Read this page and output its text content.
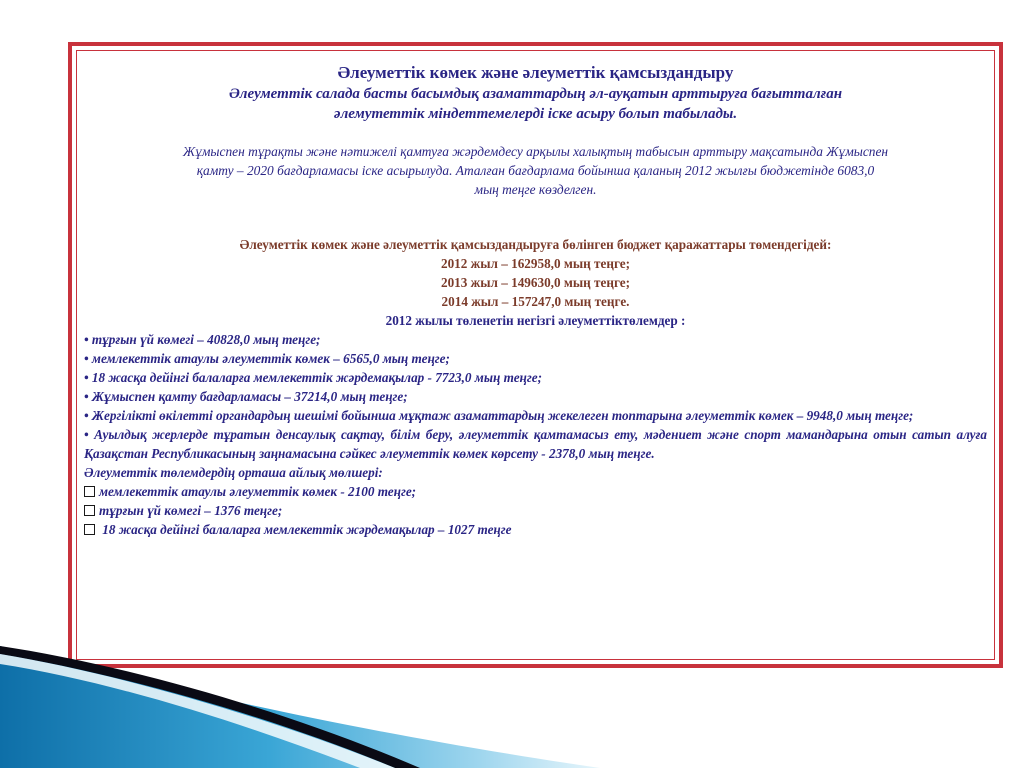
Әлеуметтік көмек және әлеуметтік қамсыздандыру
Әлеуметтік салада басты басымдық азаматтардың әл-ауқатын арттыруға бағытталған
әлемутеттік міндеттемелерді іске асыру болып табылады.
Жұмыспен тұрақты және нәтижелі қамтуға жәрдемдесу арқылы халықтың табысын арттыру мақсатында Жұмыспен
қамту – 2020 бағдарламасы іске асырылуда. Аталған бағдарлама бойынша қаланың 2012 жылғы бюджетінде 6083,0
мың теңге көзделген.
Әлеуметтік көмек және әлеуметтік қамсыздандыруға бөлінген бюджет қаражаттары төмендегідей:
2012 жыл – 162958,0 мың теңге;
2013 жыл – 149630,0 мың теңге;
2014 жыл – 157247,0 мың теңге.
2012 жылы төленетін негізгі әлеуметтіктөлемдер :
• тұрғын үй көмегі – 40828,0 мың теңге;
• мемлекеттік атаулы әлеуметтік көмек – 6565,0 мың теңге;
• 18 жасқа дейінгі балаларға мемлекеттік жәрдемақылар - 7723,0 мың теңге;
• Жұмыспен қамту бағдарламасы – 37214,0 мың теңге;
• Жергілікті өкілетті органдардың шешімі бойынша мұқтаж азаматтардың жекелеген топтарына әлеуметтік көмек – 9948,0 мың теңге;
• Ауылдық жерлерде тұратын денсаулық сақтау, білім беру, әлеуметтік қамтамасыз ету, мәдениет және спорт мамандарына отын сатып алуға Қазақстан Республикасының заңнамасына сәйкес әлеуметтік көмек көрсету - 2378,0 мың теңге.
Әлеуметтік төлемдердің орташа айлық мөлшері:
мемлекеттік атаулы әлеуметтік көмек - 2100 теңге;
тұрғын үй көмегі – 1376 теңге;
18 жасқа дейінгі балаларға мемлекеттік жәрдемақылар – 1027 теңге
